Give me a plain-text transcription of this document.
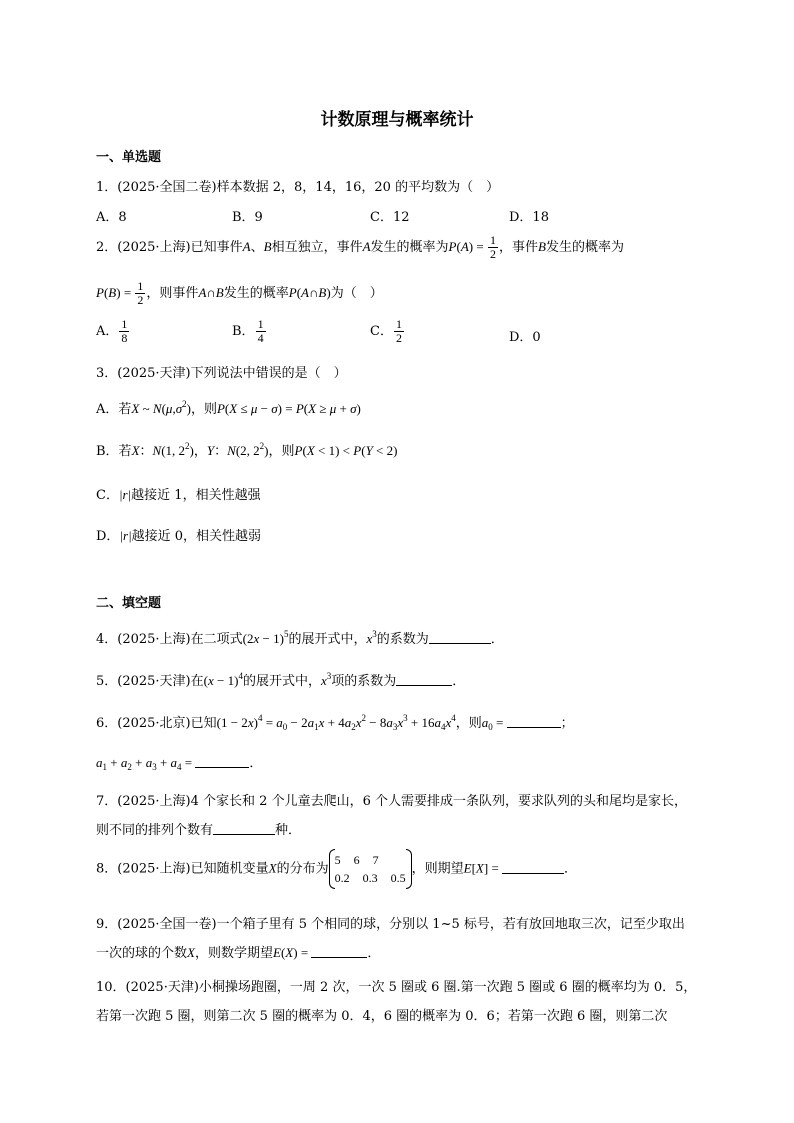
计数原理与概率统计
一、单选题
1．(2025·全国二卷)样本数据 2，8，14，16，20 的平均数为（　）
A．8	B．9	C．12	D．18
2．(2025·上海)已知事件A、B相互独立，事件A发生的概率为$P(A) = \frac{1}{2}$ ，事件B发生的概率为
$P(B) = \frac{1}{2}$ ，则事件A∩B发生的概率P(A∩B)为（　）
A． $\frac{1}{8}$	B． $\frac{1}{4}$	C． $\frac{1}{2}$	D．0
3．(2025·天津)下列说法中错误的是（　）
A．若X ~ $N(\mu,\sigma^2)$，则P(X ≤ μ − σ) = P(X ≥ μ + σ)
B．若X：N(1, $2^2$)，Y：N(2, $2^2$)，则P(X < 1) < P(Y < 2)
C．|r|越接近 1，相关性越强
D．|r|越接近 0，相关性越弱
二、填空题
4．(2025·上海)在二项式$(2x - 1)^5$的展开式中，$x^3$的系数为	．
5．(2025·天津)在$(x - 1)^4$的展开式中，$x^3$项的系数为	．
6．(2025·北京)已知$(1 - 2x)^4 = a_0 - 2a_1x + 4a_2x^2 - 8a_3x^3 + 16a_4x^4$，则$a_0$ =	；
$a_1 + a_2 + a_3 + a_4$ =	．
7．(2025·上海)4 个家长和 2 个儿童去爬山，6 个人需要排成一条队列，要求队列的头和尾均是家长，
则不同的排列个数有	种．
8．(2025·上海)已知随机变量X的分布为
5 6 7
0.2 0.3 0.5
，则期望E[X] =	．
9．(2025·全国一卷)一个箱子里有 5 个相同的球，分别以 1~5 标号，若有放回地取三次，记至少取出
一次的球的个数X，则数学期望E(X) =	．
10．(2025·天津)小桐操场跑圈，一周 2 次，一次 5 圈或 6 圈.第一次跑 5 圈或 6 圈的概率均为 0．5，
若第一次跑 5 圈，则第二次 5 圈的概率为 0．4，6 圈的概率为 0．6；若第一次跑 6 圈，则第二次
